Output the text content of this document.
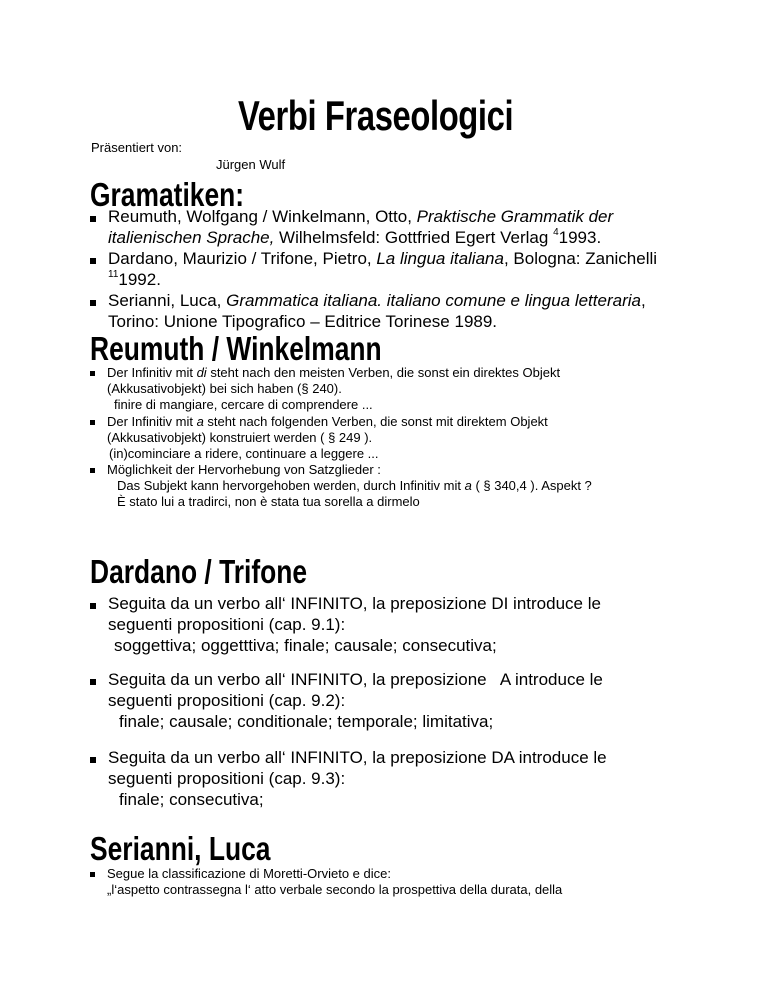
Verbi Fraseologici
Präsentiert von:
Jürgen Wulf
Gramatiken:
Reumuth, Wolfgang / Winkelmann, Otto, Praktische Grammatik der
italienischen Sprache, Wilhelmsfeld: Gottfried Egert Verlag $^4$1993.
Dardano, Maurizio / Trifone, Pietro, La lingua italiana, Bologna: Zanichelli
$^{11}$1992.
Serianni, Luca, Grammatica italiana. italiano comune e lingua letteraria,
Torino: Unione Tipografico – Editrice Torinese 1989.
Reumuth / Winkelmann
Der Infinitiv mit di steht nach den meisten Verben, die sonst ein direktes Objekt
(Akkusativobjekt) bei sich haben (§ 240).
finire di mangiare, cercare di comprendere ...
Der Infinitiv mit a steht nach folgenden Verben, die sonst mit direktem Objekt
(Akkusativobjekt) konstruiert werden ( § 249 ).
(in)cominciare a ridere, continuare a leggere ...
Möglichkeit der Hervorhebung von Satzglieder :
Das Subjekt kann hervorgehoben werden, durch Infinitiv mit a ( § 340,4 ). Aspekt ?
È stato lui a tradirci, non è stata tua sorella a dirmelo
Dardano / Trifone
Seguita da un verbo all‘ INFINITO, la preposizione DI introduce le
seguenti propositioni (cap. 9.1):
soggettiva; oggetttiva; finale; causale; consecutiva;
Seguita da un verbo all‘ INFINITO, la preposizione   A introduce le
seguenti propositioni (cap. 9.2):
finale; causale; conditionale; temporale; limitativa;
Seguita da un verbo all‘ INFINITO, la preposizione DA introduce le
seguenti propositioni (cap. 9.3):
finale; consecutiva;
Serianni, Luca
Segue la classificazione di Moretti-Orvieto e dice:
„l‘aspetto contrassegna l‘ atto verbale secondo la prospettiva della durata, della
